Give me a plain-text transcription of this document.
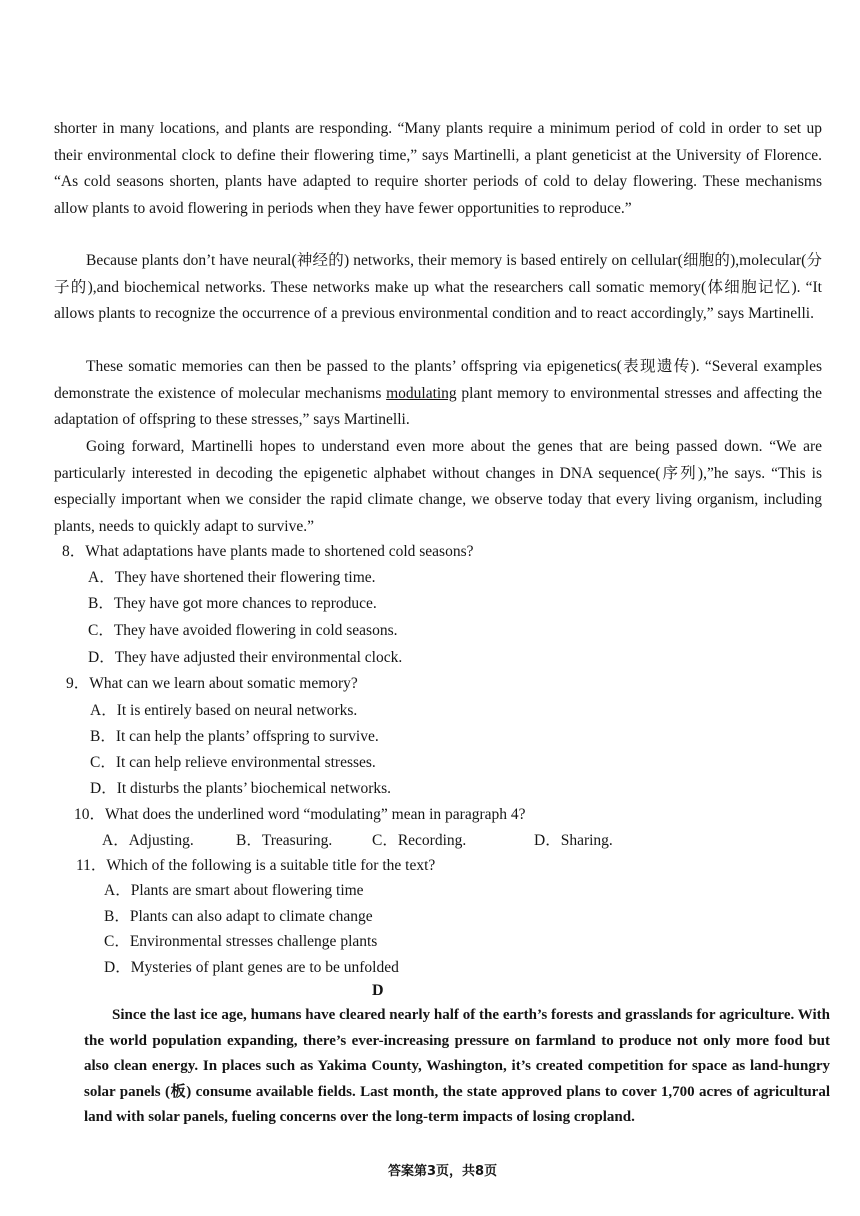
shorter in many locations, and plants are responding. “Many plants require a minimum period of cold in order to set up their environmental clock to define their flowering time,” says Martinelli, a plant geneticist at the University of Florence. “As cold seasons shorten, plants have adapted to require shorter periods of cold to delay flowering. These mechanisms allow plants to avoid flowering in periods when they have fewer opportunities to reproduce.”
Because plants don’t have neural(神经的) networks, their memory is based entirely on cellular(细胞的),molecular(分子的),and biochemical networks. These networks make up what the researchers call somatic memory(体细胞记忆). “It allows plants to recognize the occurrence of a previous environmental condition and to react accordingly,” says Martinelli.
These somatic memories can then be passed to the plants’ offspring via epigenetics(表现遗传). “Several examples demonstrate the existence of molecular mechanisms modulating plant memory to environmental stresses and affecting the adaptation of offspring to these stresses,” says Martinelli.
Going forward, Martinelli hopes to understand even more about the genes that are being passed down. “We are particularly interested in decoding the epigenetic alphabet without changes in DNA sequence(序列),”he says. “This is especially important when we consider the rapid climate change, we observe today that every living organism, including plants, needs to quickly adapt to survive.”
8．What adaptations have plants made to shortened cold seasons?
A．They have shortened their flowering time.
B．They have got more chances to reproduce.
C．They have avoided flowering in cold seasons.
D．They have adjusted their environmental clock.
9．What can we learn about somatic memory?
A．It is entirely based on neural networks.
B．It can help the plants’ offspring to survive.
C．It can help relieve environmental stresses.
D．It disturbs the plants’ biochemical networks.
10．What does the underlined word “modulating” mean in paragraph 4?
A．Adjusting.	B．Treasuring.	C．Recording.	D．Sharing.
11．Which of the following is a suitable title for the text?
A．Plants are smart about flowering time
B．Plants can also adapt to climate change
C．Environmental stresses challenge plants
D．Mysteries of plant genes are to be unfolded
D
Since the last ice age, humans have cleared nearly half of the earth’s forests and grasslands for agriculture. With the world population expanding, there’s ever-increasing pressure on farmland to produce not only more food but also clean energy. In places such as Yakima County, Washington, it’s created competition for space as land-hungry solar panels (板) consume available fields. Last month, the state approved plans to cover 1,700 acres of agricultural land with solar panels, fueling concerns over the long-term impacts of losing cropland.
答案第3页，共8页
